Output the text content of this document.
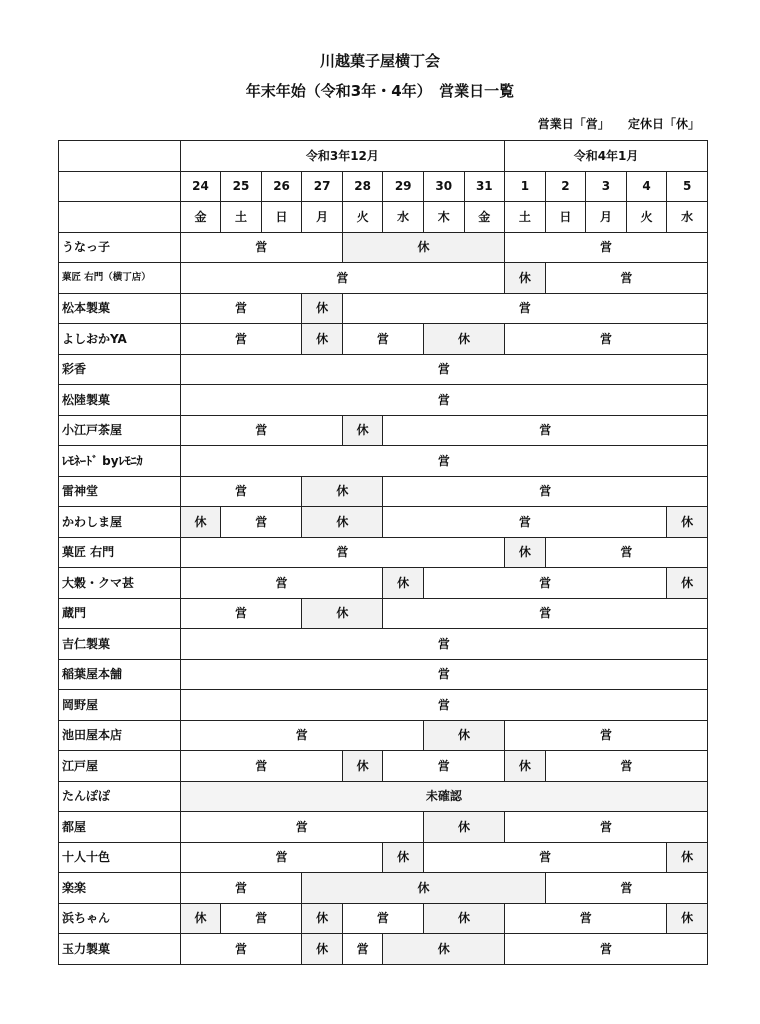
川越菓子屋横丁会
年末年始（令和3年・4年）　営業日一覧
営業日「営」 定休日「休」
	令和3年12月								令和4年1月				
	24	25	26	27	28	29	30	31	1	2	3	4	5
	金	土	日	月	火	水	木	金	土	日	月	火	水
うなっ子	営				休				営				
菓匠 右門（横丁店）	営								休	営			
松本製菓	営			休	営								
よしおかYA	営			休	営		休		営				
彩香	営												
松陸製菓	営												
小江戸茶屋	営				休	営							
ﾚﾓﾈｰﾄﾞ byﾚﾓﾆｶ	営												
雷神堂	営			休		営							
かわしま屋	休	営		休		営							休
菓匠 右門	営								休	営			
大穀・クマ甚	営					休	営						休
蔵門	営			休		営							
吉仁製菓	営												
稲葉屋本舗	営												
岡野屋	営												
池田屋本店	営						休		営				
江戸屋	営				休	営			休	営			
たんぽぽ	未確認												
都屋	営						休		営				
十人十色	営					休	営						休
楽楽	営			休						営			
浜ちゃん	休	営		休	営		休		営				休
玉力製菓	営			休	営	休			営				
